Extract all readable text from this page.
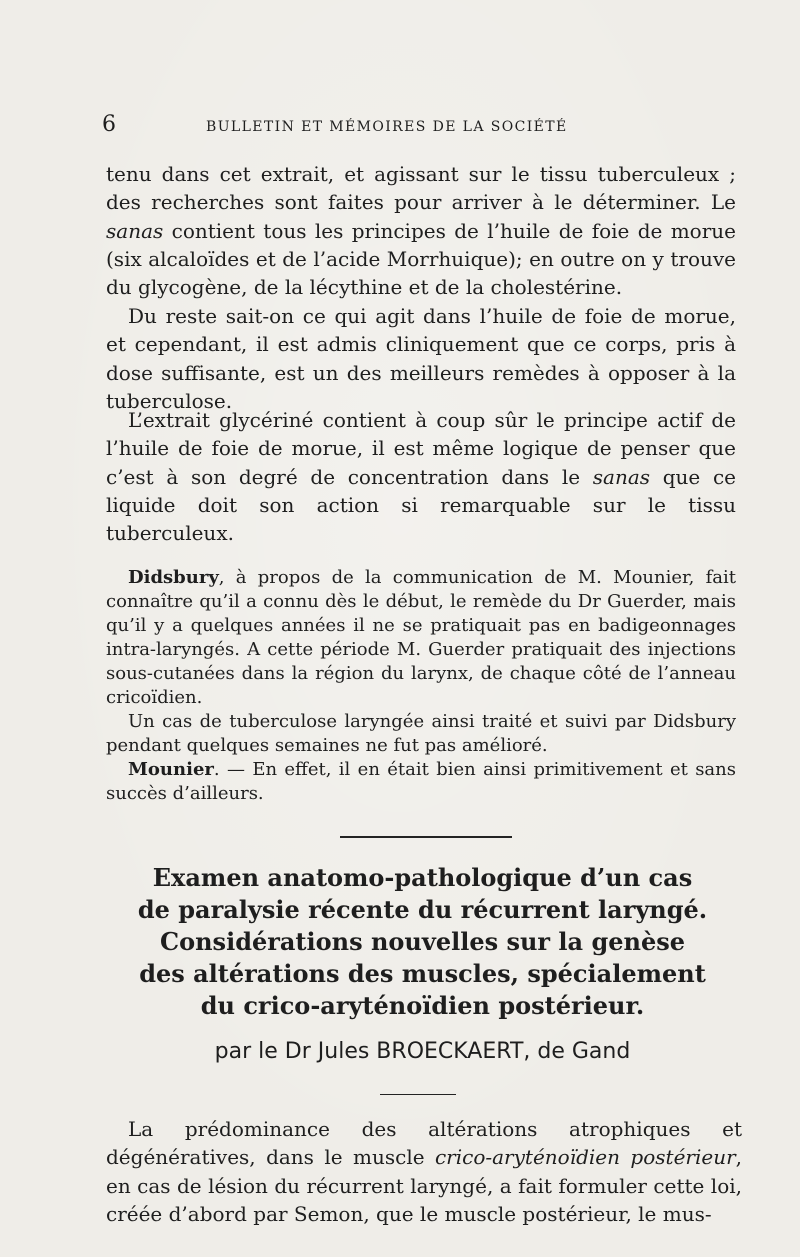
6	BULLETIN ET MÉMOIRES DE LA SOCIÉTÉ

tenu dans cet extrait, et agissant sur le tissu tuberculeux ; des recherches sont faites pour arriver à le déterminer. Le sanas contient tous les principes de l’huile de foie de morue (six alcaloïdes et de l’acide Morrhuique); en outre on y trouve du glycogène, de la lécythine et de la cholestérine.

Du reste sait-on ce qui agit dans l’huile de foie de morue, et cependant, il est admis cliniquement que ce corps, pris à dose suffisante, est un des meilleurs remèdes à opposer à la tuberculose.

L’extrait glycériné contient à coup sûr le principe actif de l’huile de foie de morue, il est même logique de penser que c’est à son degré de concentration dans le sanas que ce liquide doit son action si remarquable sur le tissu tuberculeux.

Didsbury, à propos de la communication de M. Mounier, fait connaître qu’il a connu dès le début, le remède du Dr Guerder, mais qu’il y a quelques années il ne se pratiquait pas en badigeonnages intra-laryngés. A cette période M. Guerder pratiquait des injections sous-cutanées dans la région du larynx, de chaque côté de l’anneau cricoïdien.

Un cas de tuberculose laryngée ainsi traité et suivi par Didsbury pendant quelques semaines ne fut pas amélioré.

Mounier. — En effet, il en était bien ainsi primitivement et sans succès d’ailleurs.

Examen anatomo-pathologique d’un cas
de paralysie récente du récurrent laryngé.
Considérations nouvelles sur la genèse
des altérations des muscles, spécialement
du crico-aryténoïdien postérieur.
par le Dr Jules BROECKAERT, de Gand

La prédominance des altérations atrophiques et dégénératives, dans le muscle crico-aryténoïdien postérieur, en cas de lésion du récurrent laryngé, a fait formuler cette loi, créée d’abord par Semon, que le muscle postérieur, le mus-
